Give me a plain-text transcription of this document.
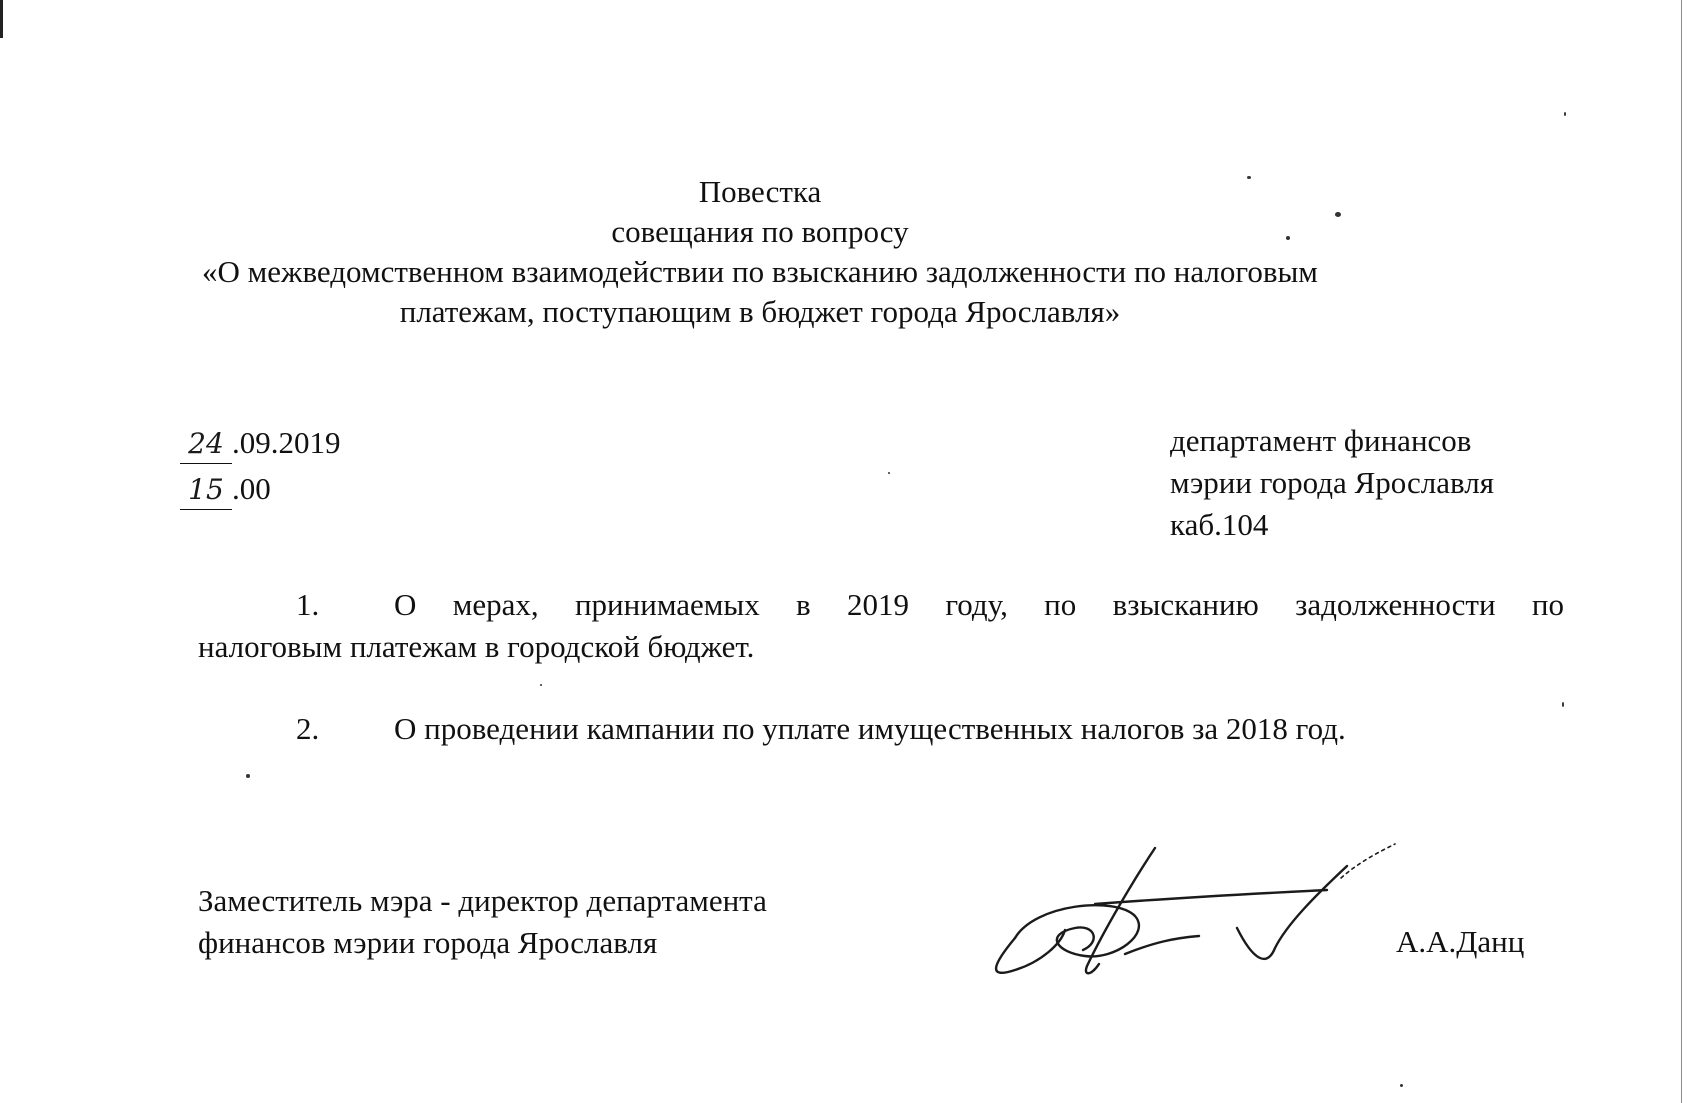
Повестка
совещания по вопросу
«О межведомственном взаимодействии по взысканию задолженности по налоговым
платежам, поступающим в бюджет города Ярославля»
24 .09.2019
15 .00
департамент финансов
мэрии города Ярославля
каб.104
1.	О мерах, принимаемых в 2019 году, по взысканию задолженности по
налоговым платежам в городской бюджет.
2.	О проведении кампании по уплате имущественных налогов за 2018 год.
Заместитель мэра - директор департамента
финансов мэрии города Ярославля	А.А.Данц
